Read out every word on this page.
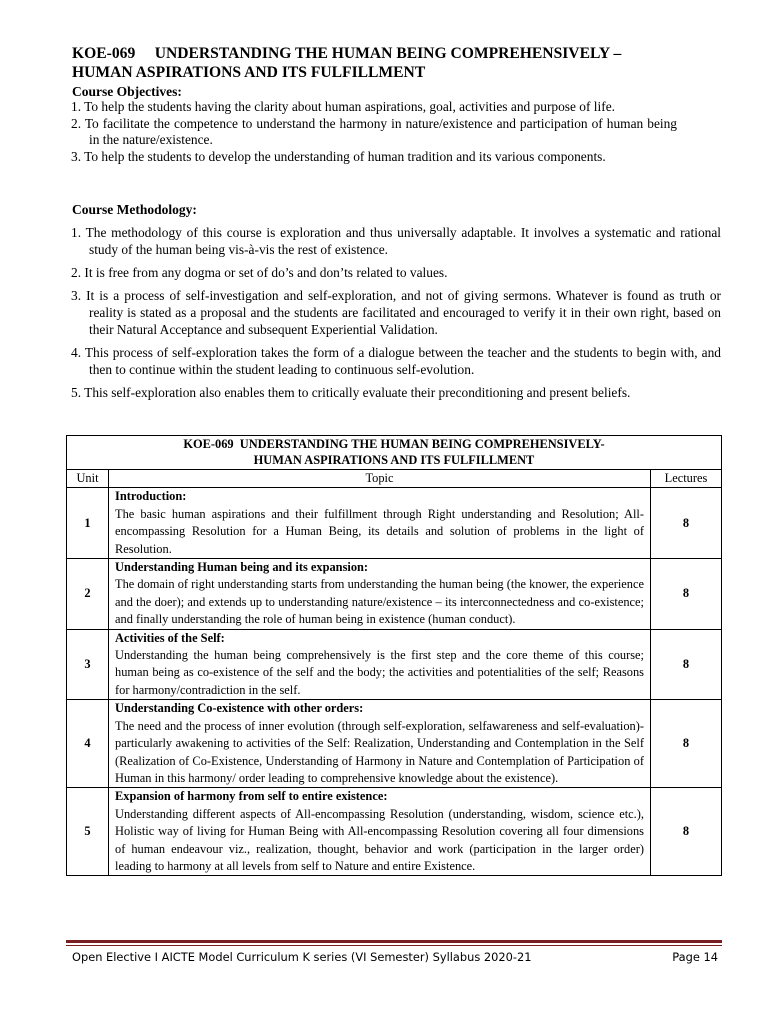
KOE-069     UNDERSTANDING THE HUMAN BEING COMPREHENSIVELY –
HUMAN ASPIRATIONS AND ITS FULFILLMENT
Course Objectives:

1. To help the students having the clarity about human aspirations, goal, activities and purpose of life.

2. To facilitate the competence to understand the harmony in nature/existence and participation of human being in the nature/existence.

3. To help the students to develop the understanding of human tradition and its various components.

Course Methodology:

1. The methodology of this course is exploration and thus universally adaptable. It involves a systematic and rational study of the human being vis-à-vis the rest of existence.

2. It is free from any dogma or set of do’s and don’ts related to values.

3. It is a process of self-investigation and self-exploration, and not of giving sermons. Whatever is found as truth or reality is stated as a proposal and the students are facilitated and encouraged to verify it in their own right, based on their Natural Acceptance and subsequent Experiential Validation.

4. This process of self-exploration takes the form of a dialogue between the teacher and the students to begin with, and then to continue within the student leading to continuous self-evolution.

5. This self-exploration also enables them to critically evaluate their preconditioning and present beliefs.

KOE-069  UNDERSTANDING THE HUMAN BEING COMPREHENSIVELY-
HUMAN ASPIRATIONS AND ITS FULFILLMENT		

Unit	Topic	Lectures
1	Introduction:
The basic human aspirations and their fulfillment through Right understanding and Resolution; All-encompassing Resolution for a Human Being, its details and solution of problems in the light of Resolution.	8
2	Understanding Human being and its expansion:
The domain of right understanding starts from understanding the human being (the knower, the experience and the doer); and extends up to understanding nature/existence – its interconnectedness and co-existence; and finally understanding the role of human being in existence (human conduct).	8
3	Activities of the Self:
Understanding the human being comprehensively is the first step and the core theme of this course; human being as co-existence of the self and the body; the activities and potentialities of the self; Reasons for harmony/contradiction in the self.	8
4	Understanding Co-existence with other orders:
The need and the process of inner evolution (through self-exploration, selfawareness and self-evaluation)- particularly awakening to activities of the Self: Realization, Understanding and Contemplation in the Self (Realization of Co-Existence, Understanding of Harmony in Nature and Contemplation of Participation of Human in this harmony/ order leading to comprehensive knowledge about the existence).	8
5	Expansion of harmony from self to entire existence:
Understanding different aspects of All-encompassing Resolution (understanding, wisdom, science etc.), Holistic way of living for Human Being with All-encompassing Resolution covering all four dimensions of human endeavour viz., realization, thought, behavior and work (participation in the larger order) leading to harmony at all levels from self to Nature and entire Existence.	8
Open Elective I AICTE Model Curriculum K series (VI Semester) Syllabus 2020-21	Page 14
